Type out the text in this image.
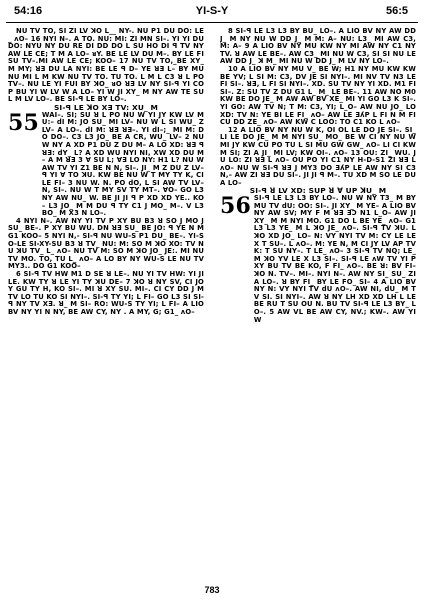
54:16	YI-S-Y	56:5

NU TV TO, SI ZI LV ꓘO L__ NY-. NU P1 DU DO: LE_ ᴧO– 16 NYI N–. A TO. NU: MI: ZI MN SI–. YI YI DU DO: NYU NY DU RE DI DD DO L SU HO DI ꟼ TV NY AW LE CE; T M A LO– ᴚY. BE LE LV DU M–. BY LE FI SU TV–.MI AW LE CE; KOO– 17 NU TV TO,_BE XY_ M MY; ꓤƎ DU LA NYI: BE LE ꟼ D– YE ꓤƎ L– BY MU NU MI L M KW NU TV TO. TU TO. L M L C3 ꓤ L PO TV–. NU LE YI FUI BY ꓘO_ ᴚO ꓤƎ LV NY SI-ꟼ YI CO P BU YI W LV W A LO– YI W JI XY_ M NY AW TE SU L M LV LO–. BE SI-ꟼ LE BY LO–.

SI-ꟼ LE ꓘO XƎ TV: XU_ M

55 WAI–. SI; SU ꓤ L PO NU W YI JY KW LV MU:– dI M: JO SU_ MI LV– NU W L SI WU_ Z LV– A LO–. dI M: ꓤƎ ꓤƎ–. YI dI–;_ MI M: DO DO–. C3 L3 JO_ BE A CR, WU_ LV– 2 NU W NY A XD P1 DU Z DU M– A LO XD: ꓤƎ ꟼ ꓤƎ: dY_ L? A XD WU NYI NI, XW XD DU M– A M ꓤƎ 3 ꓯ SU L; ꓯƎ LO NY: H1 L? NU W AW TV YI Z1 BE N N, SI–. JI_ M Z DU Z LV– ꟼ YI ꓯ TO ꓘU. KW BE NU W T MY TY K, CI LE FI– 3 NU W. N. PO dO, L SI AW TV LV– N, SI–. NU W T MY SV TY MT–. ꓯO– GO L3 NY AW NU_ W. BE JI JI ꟼ P XD XD YE.. KO– L3 JO_ M M DU ꟼ TY C1 J MO_ M–. V L3 BO_ M X3 N LO–.

4 NYI N–. AW NY YI TV P XY BU B3 ꓤ SO J MO J SU_ BE–. P XY BU WU. DN ꓤƎ SU_ BE JO: ꟼ YE N M G1 KOO– 5 NYI N,- SI-ꟼ NU WU-S P1 DU_ BE–. YI-SO-LE SI-XY-SU B3 ꓤ TV_ NU: M: SO M ꓘO XO: TV NU ꓘU TV_ L_ ᴧO– NU TV M: SO M ꓘO JO_ JE:. MI NU TV MO. TO, TU L_ ᴧO– A LO BY NY WU-S LE NU TV MY3.. DO G1 KOO–

6 SI-ꟼ TV HW M1 D SE ꓤ LE–. NU YI TV HW: YI JI LE. KW TY ꓤ LE YI TY ꓘU DE– 7 ꓘO ꓤ NY SV, CI JO Y GU TY H, KO SI–. MI ꓤ XY SU. MI–. CI CY DD J M TV LO TU KO SI NYI–. SI-ꟼ TY YI; L FI– GO L3 SI SI-ꟼ NY TV XƎ. ꓤ_ M SI– RO: WU-S TY YI; L FI– A LIO BV NY YI N NY, BE AW CY, NY . A MY, G; G1_ ᴧO–

8 SI-ꟼ LE L3 L3 BY BU_ LO–. A LIO BV NY AW DD J_ M NY NU W DD J_ M M: A– NU: L3_ MI AW C3, M: A– 9 A LIO BV NY MU KW NY MI AW NY C1 NY TV. ꓤ AW LE BE–. AW C3_ MI NU W C3, SI SI NU LE AW DD J_ ꓘ M_ MI NU W DD J_ M LV NY LO–.

10 A LIO BV NY MU V_ BE W; H1 NY MU KW KW BE YV; L SI M: C3, DV JE SI NYI–. MI NV TV N3 LE FI SI–. ꓤƎ, L FI SI NYI–. XD. SU TV NY YI XD. M1 FI SI–. Z: SU TV Z DU G1 L_ M_ LE BE–. 11 AW NO M0 KW BE DO JE_ M AW AW BV XE_ MI YI GO L3 K SI–. YI GO: AW TV N; T M: C3, YI; L_O– AW NU JO_ LO XD: TV N: YE BI LE FI_ ᴧO– AW LE ƎʎP L FI N M FI CU DD ZE_ ᴧO– AW KW C LOO: TO C1 KO L ᴧO–

12 A LIO BV NY NU W K, OI OL LE DO JE SI–. SI_ LI LE DO JE_ M M NYI SU_ MO_ BE W CI NY NU W MI JY KW CU PO TU L SI MU GW GW_ ᴧO– LI CI KW M SI; ZI A JI_ MI LV; KW OI–. ᴧO– 13 OU: ZI_ WU. JU LO: ZI ꓤƎ L ᴧO– OU PO YI C1 NY H-D-S1 ZI ꓤƎ L ᴧO– NU W SI-ꟼ ꓤƎ J MY3 DO ƎʎP LE AW NY SI C3 N,– AW ZI ꓤƎ DU SI–. JI JI ꟼ M–. TU XD M SO LE DU A LO–

SI-ꟼ ꓤ LV XD: SUP ꓤ ꓯ UP ꓘU_ M

56 SI-ꟼ LE L3 L3 BY LO–. NU W NY T3_ M BY MU TV dU: OO: SI–. JI XY_ M YE– A LIO BV NY AW SV; MY F M ꓤƎ ƎƆ N1 L_O– AW JI XY_ M M NYI MO. G1 DO L BE YE_ ᴧO– G1 L3 L3 YE_ M L ꓘO JE_ ᴧO–. SI-ꟼ TV ꓘU. L ꓘO XD JO_ LO– N: VY NYI TV M: CY LE LE X T SU–. L ᴧO–. M: YE N, M CI JY LV AP TV K: T SU NY–. T LE_ ᴧO– 3 SI-ꟼ TV NQ; LE_ M ꓘO YV LE X L3 SI–. SI-ꟼ LE ᴧW TV YI P XY BU TV BE KO, F FI_ ᴧO–. BE ꓤ: BV FI– ꓘO N. TV–. MI–. NYI N–. AW NY SI_ SU_ ZI A LO–. ꓤ BY FI_ BY LE FO_ SI– 4 A LIO BV NY N: VY NYI TV dU ᴧO–. AW NI, dU_ M TV SI. SI NYI–. AW ꓤ NY LH XD XD LH L LE BE RU T SU OU N. BU TV SI-ꟼ LE L3 BY_ LO–. 5 AW VL BE AW CY, NV.; KW–. AW YI W

783
